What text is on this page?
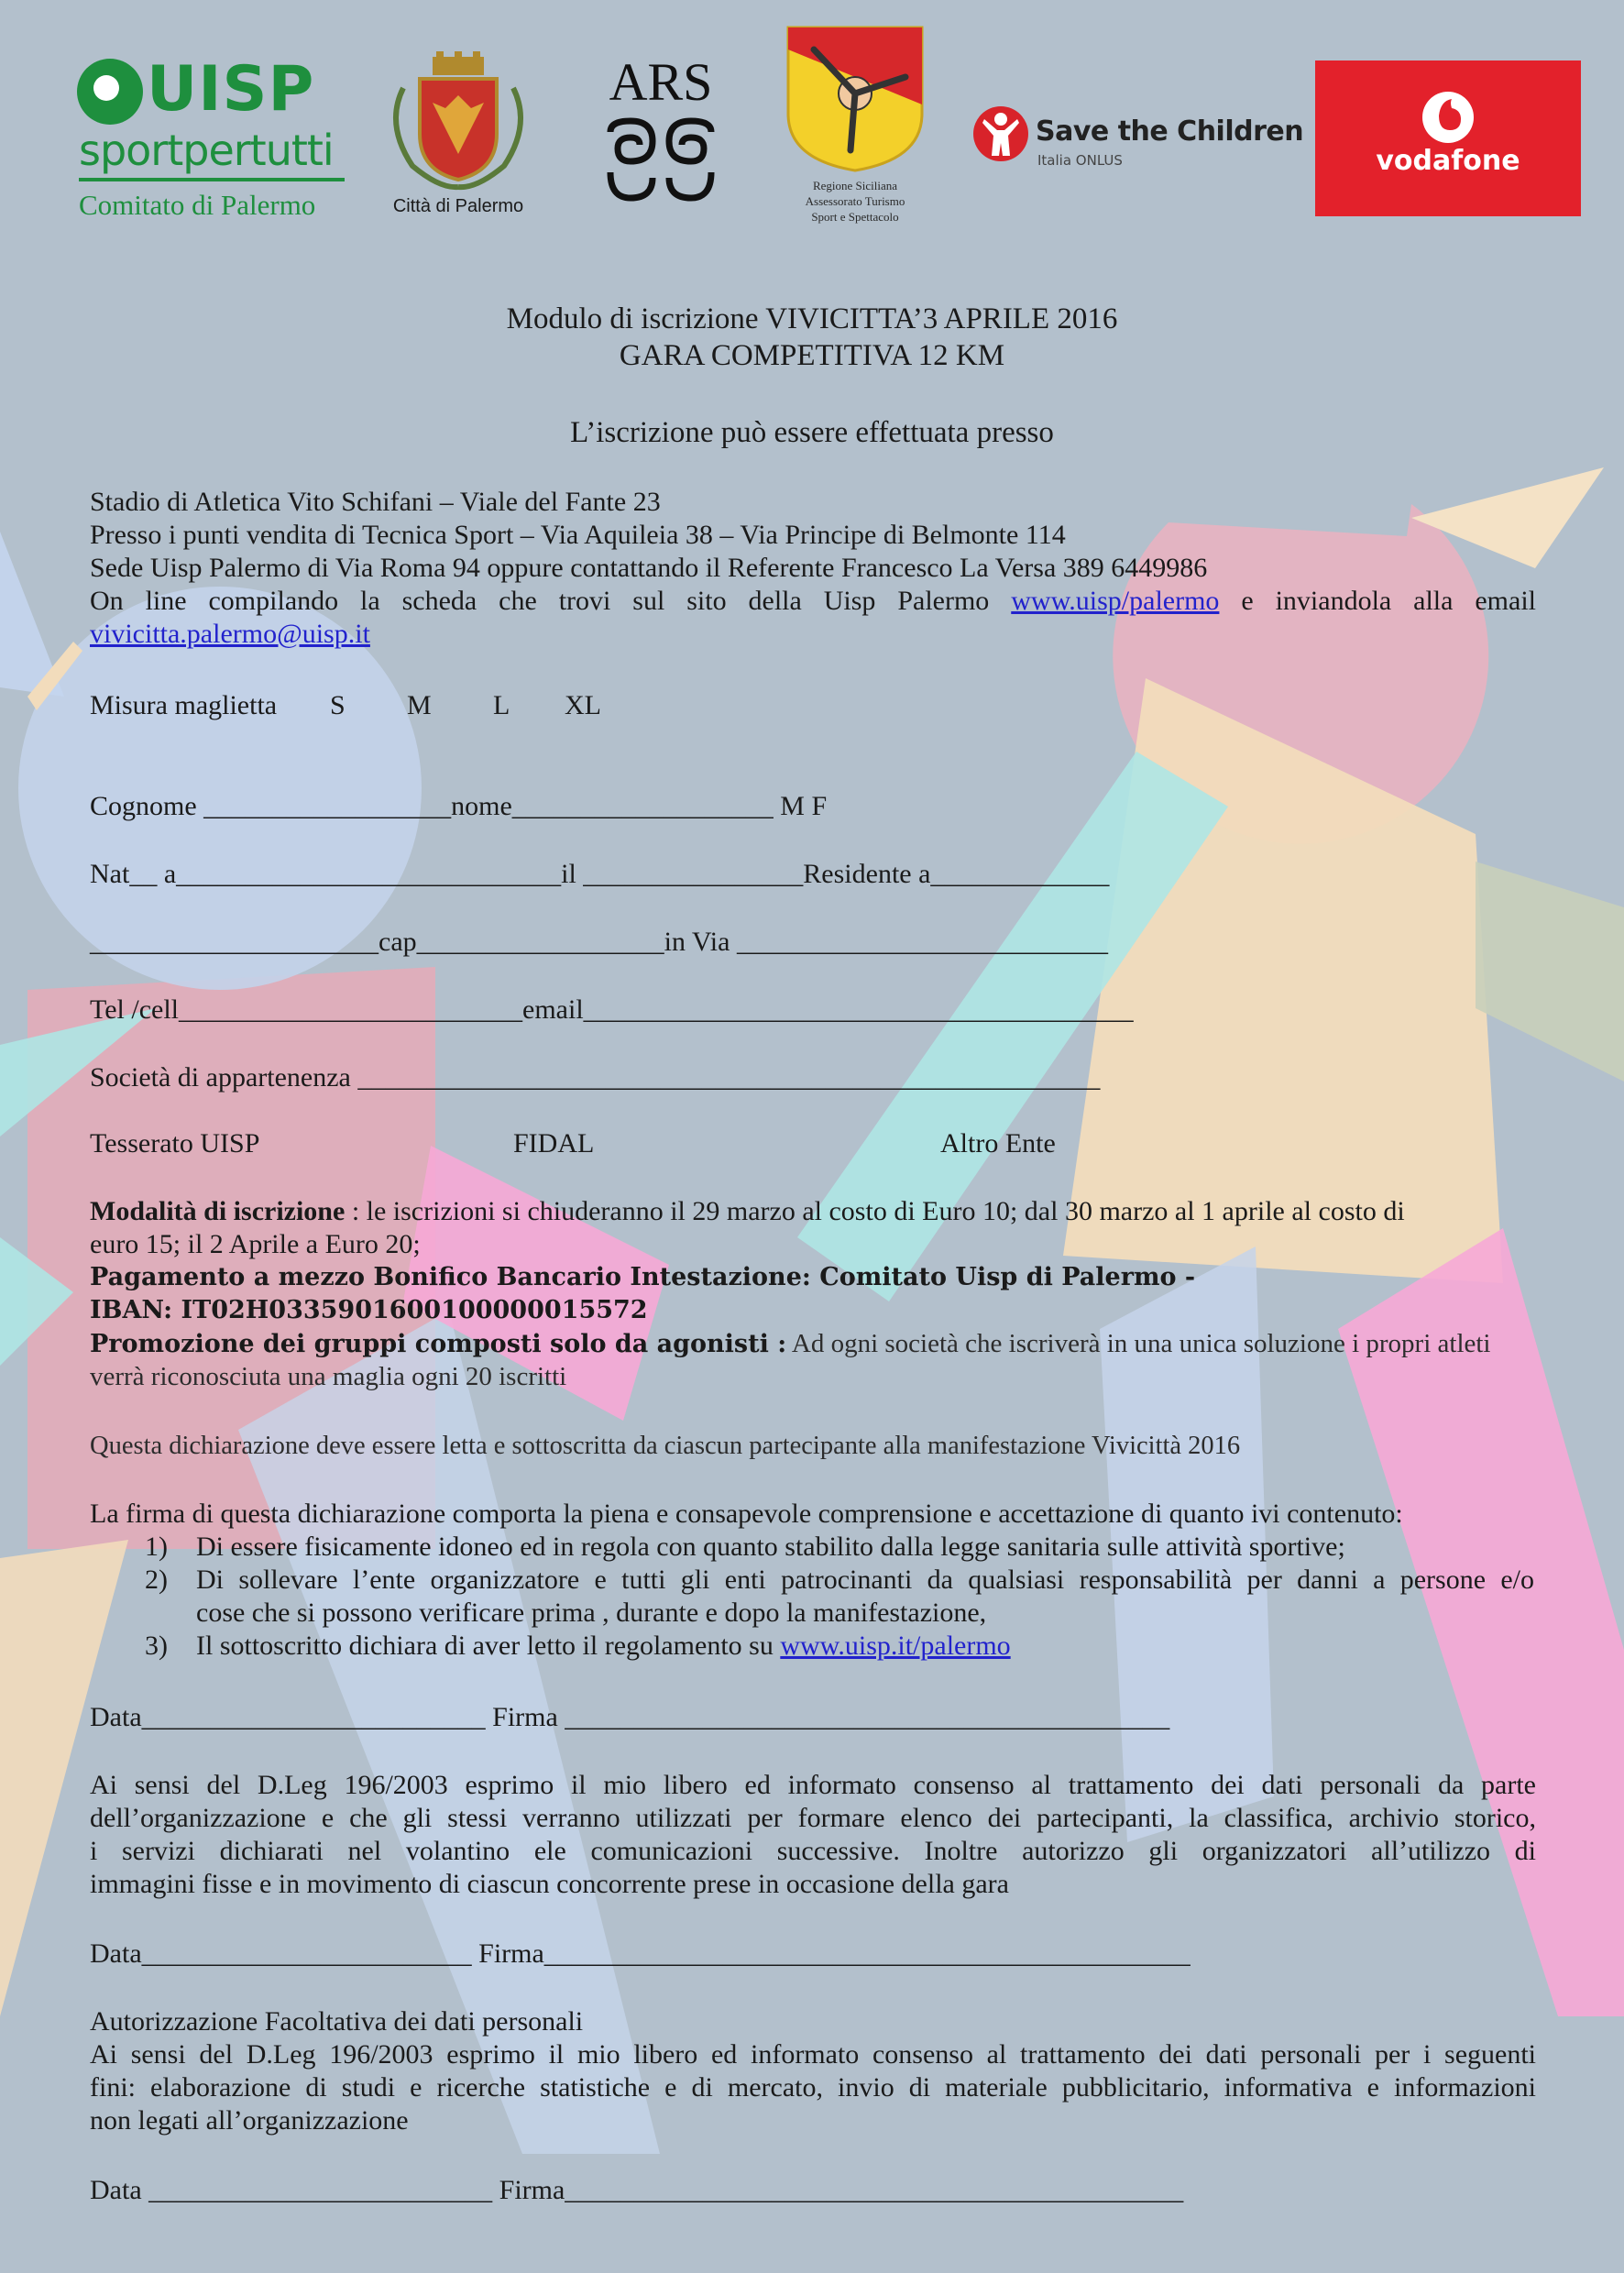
UISP
sportpertutti
Comitato di Palermo	Città di Palermo
ARS
Regione Siciliana
Assessorato Turismo
Sport e Spettacolo
Save the Children
Italia ONLUS	vodafone
Modulo di iscrizione VIVICITTA’3 APRILE 2016
GARA COMPETITIVA 12 KM
L’iscrizione può essere effettuata presso
Stadio di Atletica Vito Schifani – Viale del Fante 23
Presso i punti vendita di Tecnica Sport – Via Aquileia 38 – Via Principe di Belmonte 114
Sede Uisp Palermo di Via Roma 94 oppure contattando il Referente Francesco La Versa 389 6449986
On line compilando la scheda che trovi sul sito della Uisp Palermo www.uisp/palermo e inviandola alla email
vivicitta.palermo@uisp.it
Misura maglietta S M L XL
Cognome __________________nome___________________ M F
Nat__ a____________________________il ________________Residente a_____________
_____________________cap__________________in Via ___________________________
Tel /cell_________________________email________________________________________
Società di appartenenza ______________________________________________________
Tesserato UISP	FIDAL	Altro Ente
Modalità di iscrizione : le iscrizioni si chiuderanno il 29 marzo al costo di Euro 10; dal 30 marzo al 1 aprile al costo di
euro 15; il 2 Aprile a Euro 20;
Pagamento a mezzo Bonifico Bancario Intestazione: Comitato Uisp di Palermo -
IBAN: IT02H0335901600100000015572
Promozione dei gruppi composti solo da agonisti : Ad ogni società che iscriverà in una unica soluzione i propri atleti
verrà riconosciuta una maglia ogni 20 iscritti
Questa dichiarazione deve essere letta e sottoscritta da ciascun partecipante alla manifestazione Vivicittà 2016
La firma di questa dichiarazione comporta la piena e consapevole comprensione e accettazione di quanto ivi contenuto:
1) Di essere fisicamente idoneo ed in regola con quanto stabilito dalla legge sanitaria sulle attività sportive;
2) Di sollevare l’ente organizzatore e tutti gli enti patrocinanti da qualsiasi responsabilità per danni a persone e/o
cose che si possono verificare prima , durante e dopo la manifestazione,
3) Il sottoscritto dichiara di aver letto il regolamento su www.uisp.it/palermo
Data_________________________ Firma ____________________________________________
Ai sensi del D.Leg 196/2003 esprimo il mio libero ed informato consenso al trattamento dei dati personali da parte
dell’organizzazione e che gli stessi verranno utilizzati per formare elenco dei partecipanti, la classifica, archivio storico,
i servizi dichiarati nel volantino ele comunicazioni successive. Inoltre autorizzo gli organizzatori all’utilizzo di
immagini fisse e in movimento di ciascun concorrente prese in occasione della gara
Data________________________ Firma_______________________________________________
Autorizzazione Facoltativa dei dati personali
Ai sensi del D.Leg 196/2003 esprimo il mio libero ed informato consenso al trattamento dei dati personali per i seguenti
fini: elaborazione di studi e ricerche statistiche e di mercato, invio di materiale pubblicitario, informativa e informazioni
non legati all’organizzazione
Data _________________________ Firma_____________________________________________
